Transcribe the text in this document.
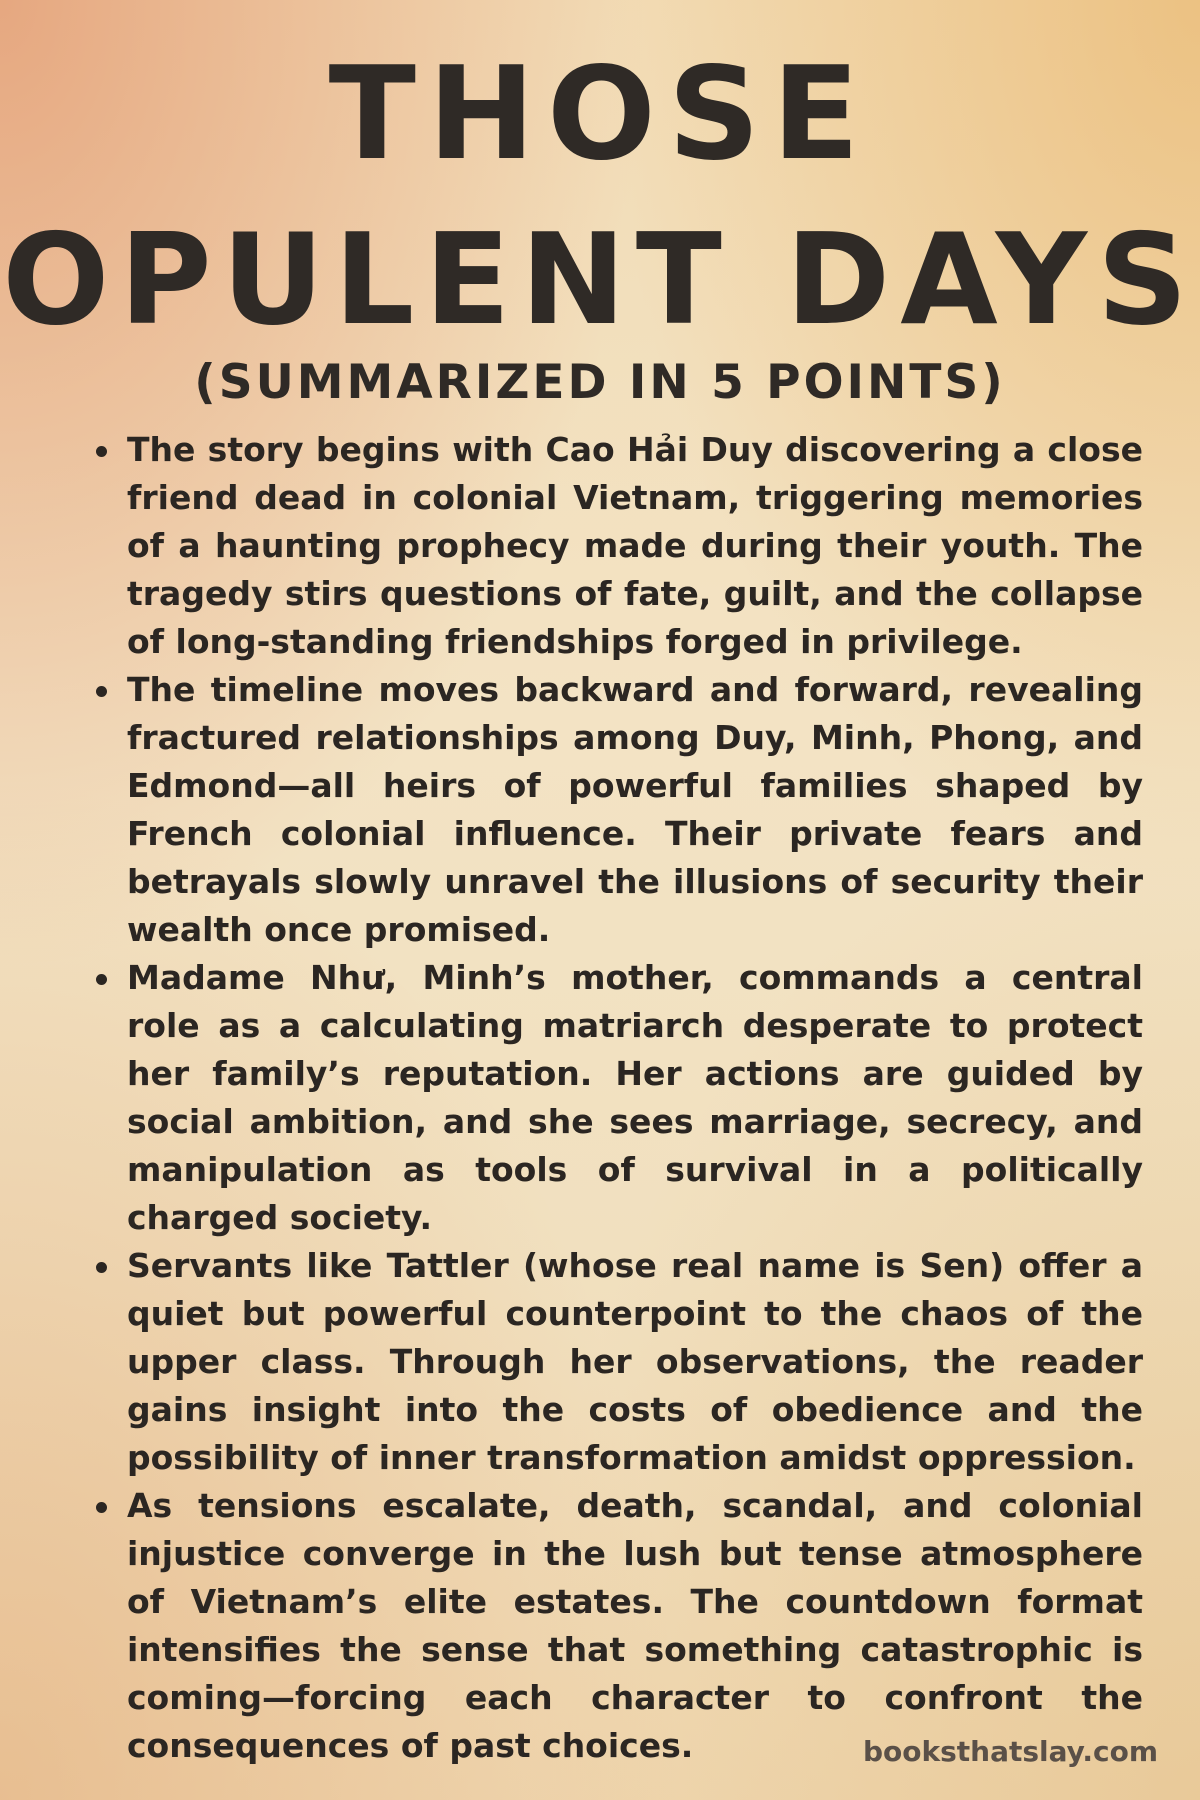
THOSE
OPULENT DAYS
(SUMMARIZED IN 5 POINTS)
The story begins with Cao Hải Duy discovering a close friend dead in colonial Vietnam, triggering memories of a haunting prophecy made during their youth. The tragedy stirs questions of fate, guilt, and the collapse of long-standing friendships forged in privilege.
The timeline moves backward and forward, revealing fractured relationships among Duy, Minh, Phong, and Edmond—all heirs of powerful families shaped by French colonial influence. Their private fears and betrayals slowly unravel the illusions of security their wealth once promised.
Madame Như, Minh’s mother, commands a central role as a calculating matriarch desperate to protect her family’s reputation. Her actions are guided by social ambition, and she sees marriage, secrecy, and manipulation as tools of survival in a politically charged society.
Servants like Tattler (whose real name is Sen) offer a quiet but powerful counterpoint to the chaos of the upper class. Through her observations, the reader gains insight into the costs of obedience and the possibility of inner transformation amidst oppression.
As tensions escalate, death, scandal, and colonial injustice converge in the lush but tense atmosphere of Vietnam’s elite estates. The countdown format intensifies the sense that something catastrophic is coming—forcing each character to confront the consequences of past choices.	booksthatslay.com
